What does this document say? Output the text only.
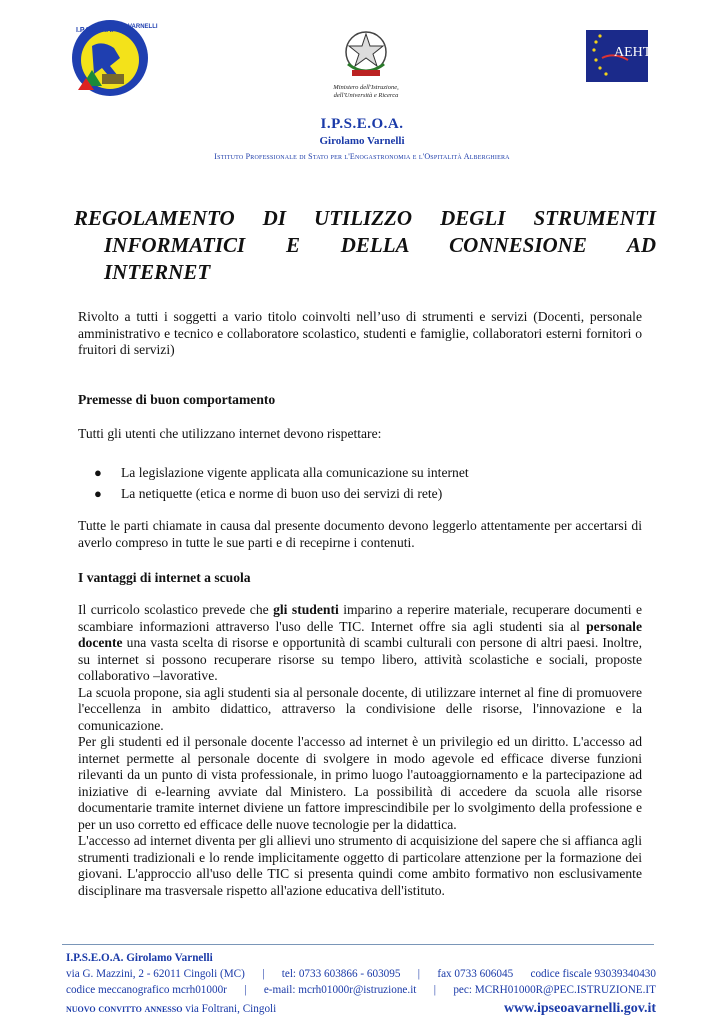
I.P.S.E.O.A. VARNELLI
Ministero dell'Istruzione,
dell'Università e Ricerca
AEHT
I.P.S.E.O.A.
Girolamo Varnelli
Istituto Professionale di Stato per l'Enogastronomia e l'Ospitalità Alberghiera
REGOLAMENTO DI UTILIZZO DEGLI STRUMENTI
INFORMATICI E DELLA CONNESIONE AD
INTERNET
Rivolto a tutti i soggetti a vario titolo coinvolti nell’uso di strumenti e servizi (Docenti, personale amministrativo e tecnico e collaboratore scolastico, studenti e famiglie, collaboratori esterni fornitori o fruitori di servizi)
Premesse di buon comportamento
Tutti gli utenti che utilizzano internet devono rispettare:
● La legislazione vigente applicata alla comunicazione su internet
● La netiquette (etica e norme di buon uso dei servizi di rete)
Tutte le parti chiamate in causa dal presente documento devono leggerlo attentamente per accertarsi di averlo compreso in tutte le sue parti e di recepirne i contenuti.
I vantaggi di internet a scuola

Il curricolo scolastico prevede che gli studenti imparino a reperire materiale, recuperare documenti e scambiare informazioni attraverso l'uso delle TIC. Internet offre sia agli studenti sia al personale docente una vasta scelta di risorse e opportunità di scambi culturali con persone di altri paesi. Inoltre, su internet si possono recuperare risorse su tempo libero, attività scolastiche e sociali, proposte collaborativo –lavorative.

La scuola propone, sia agli studenti sia al personale docente, di utilizzare internet al fine di promuovere l'eccellenza in ambito didattico, attraverso la condivisione delle risorse, l'innovazione e la comunicazione.

Per gli studenti ed il personale docente l'accesso ad internet è un privilegio ed un diritto. L'accesso ad internet permette al personale docente di svolgere in modo agevole ed efficace diverse funzioni rilevanti da un punto di vista professionale, in primo luogo l'autoaggiornamento e la partecipazione ad iniziative di e-learning avviate dal Ministero. La possibilità di accedere da scuola alle risorse documentarie tramite internet diviene un fattore imprescindibile per lo svolgimento della professione e per un uso corretto ed efficace delle nuove tecnologie per la didattica.

L'accesso ad internet diventa per gli allievi uno strumento di acquisizione del sapere che si affianca agli strumenti tradizionali e lo rende implicitamente oggetto di particolare attenzione per la formazione dei giovani. L'approccio all'uso delle TIC si presenta quindi come ambito formativo non esclusivamente disciplinare ma trasversale rispetto all'azione educativa dell'istituto.

I.P.S.E.O.A. Girolamo Varnelli
via G. Mazzini, 2 - 62011 Cingoli (MC) | tel: 0733 603866 - 603095 | fax 0733 606045 codice fiscale 93039340430
codice meccanografico mcrh01000r | e-mail: mcrh01000r@istruzione.it | pec: MCRH01000R@PEC.ISTRUZIONE.IT
nuovo convitto annesso via Foltrani, Cingoli	www.ipseoavarnelli.gov.it
